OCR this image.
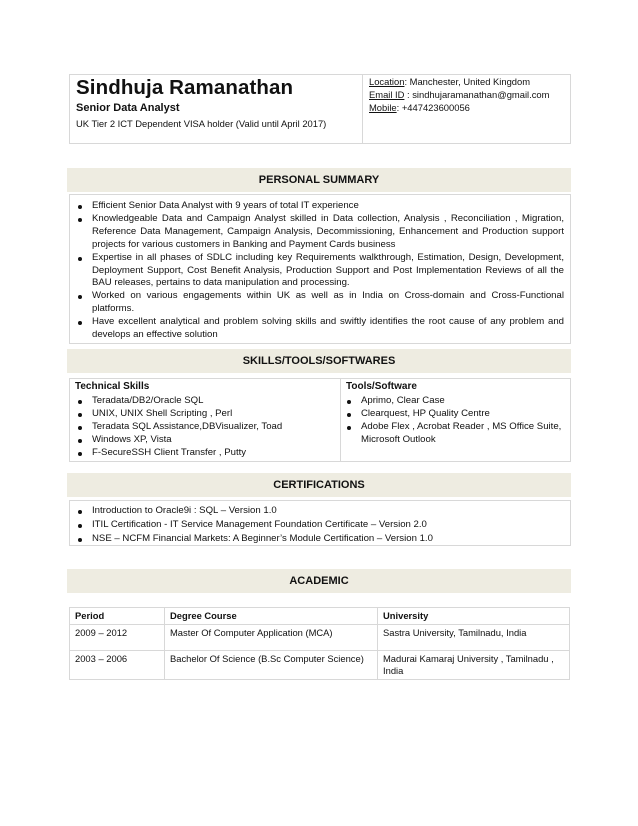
Sindhuja Ramanathan
Senior Data Analyst
UK Tier 2 ICT Dependent VISA holder (Valid until April 2017)
Location: Manchester, United Kingdom
Email ID : sindhujaramanathan@gmail.com
Mobile: +447423600056
PERSONAL SUMMARY
Efficient Senior Data Analyst with 9 years of total IT experience
Knowledgeable Data and Campaign Analyst skilled in Data collection, Analysis , Reconciliation , Migration, Reference Data Management, Campaign Analysis, Decommissioning, Enhancement and Production support projects for various customers in Banking and Payment Cards business
Expertise in all phases of SDLC including key Requirements walkthrough, Estimation, Design, Development, Deployment Support, Cost Benefit Analysis, Production Support and Post Implementation Reviews of all the BAU releases, pertains to data manipulation and processing.
Worked on various engagements within UK as well as in India on Cross-domain and Cross-Functional platforms.
Have excellent analytical and problem solving skills and swiftly identifies the root cause of any problem and develops an effective solution
SKILLS/TOOLS/SOFTWARES
Technical Skills
Teradata/DB2/Oracle SQL
UNIX, UNIX Shell Scripting , Perl
Teradata SQL Assistance,DBVisualizer, Toad
Windows XP, Vista
F-SecureSSH Client Transfer , Putty
Tools/Software
Aprimo, Clear Case
Clearquest, HP Quality Centre
Adobe Flex , Acrobat Reader , MS Office Suite, Microsoft Outlook
CERTIFICATIONS
Introduction to Oracle9i : SQL – Version 1.0
ITIL Certification - IT Service Management Foundation Certificate – Version 2.0
NSE – NCFM Financial Markets: A Beginner’s Module Certification – Version 1.0
ACADEMIC
Period	Degree Course	University
2009 – 2012	Master Of Computer Application (MCA)	Sastra University, Tamilnadu, India
2003 – 2006	Bachelor Of Science (B.Sc Computer Science)	Madurai Kamaraj University , Tamilnadu , India
